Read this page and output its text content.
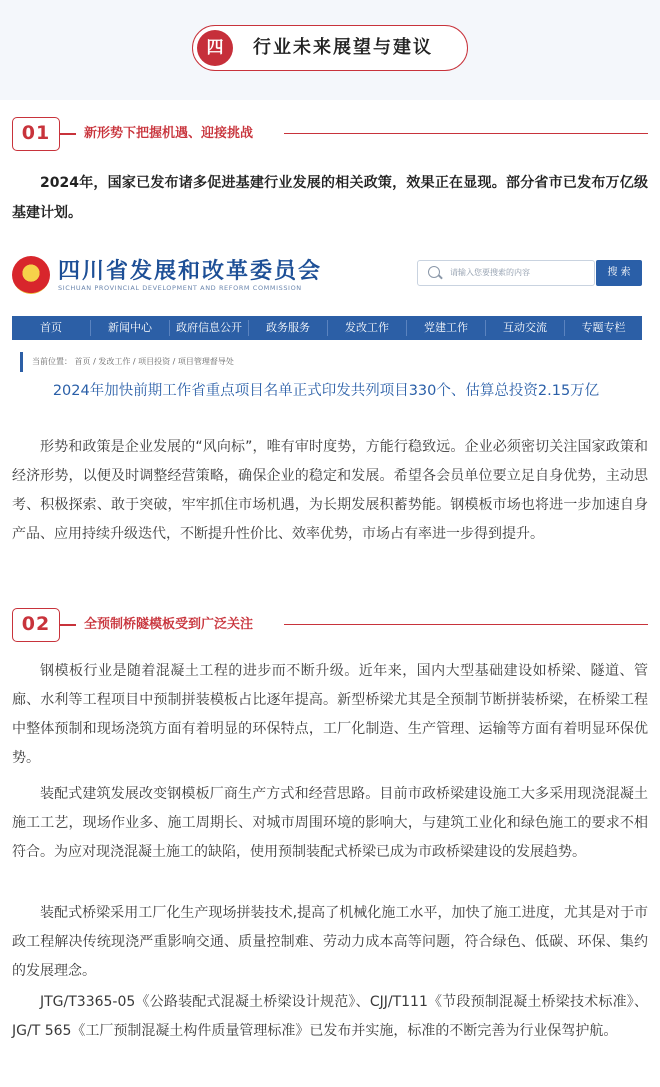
四	行业未来展望与建议
01	新形势下把握机遇、迎接挑战

2024年，国家已发布诸多促进基建行业发展的相关政策，效果正在显现。部分省市已发布万亿级基建计划。

四川省发展和改革委员会
SICHUAN PROVINCIAL DEVELOPMENT AND REFORM COMMISSION
请输入您要搜索的内容	搜 索
首页	新闻中心	政府信息公开	政务服务	发改工作	党建工作	互动交流	专题专栏
当前位置： 首页 / 发改工作 / 项目投资 / 项目管理督导处
2024年加快前期工作省重点项目名单正式印发共列项目330个、估算总投资2.15万亿

形势和政策是企业发展的“风向标”，唯有审时度势，方能行稳致远。企业必须密切关注国家政策和经济形势，以便及时调整经营策略，确保企业的稳定和发展。希望各会员单位要立足自身优势，主动思考、积极探索、敢于突破，牢牢抓住市场机遇，为长期发展积蓄势能。钢模板市场也将进一步加速自身产品、应用持续升级迭代，不断提升性价比、效率优势，市场占有率进一步得到提升。

02	全预制桥隧模板受到广泛关注

钢模板行业是随着混凝土工程的进步而不断升级。近年来，国内大型基础建设如桥梁、隧道、管廊、水利等工程项目中预制拼装模板占比逐年提高。新型桥梁尤其是全预制节断拼装桥梁，在桥梁工程中整体预制和现场浇筑方面有着明显的环保特点，工厂化制造、生产管理、运输等方面有着明显环保优势。

装配式建筑发展改变钢模板厂商生产方式和经营思路。目前市政桥梁建设施工大多采用现浇混凝土施工工艺，现场作业多、施工周期长、对城市周围环境的影响大，与建筑工业化和绿色施工的要求不相符合。为应对现浇混凝土施工的缺陷，使用预制装配式桥梁已成为市政桥梁建设的发展趋势。

装配式桥梁采用工厂化生产现场拼装技术,提高了机械化施工水平，加快了施工进度，尤其是对于市政工程解决传统现浇严重影响交通、质量控制难、劳动力成本高等问题，符合绿色、低碳、环保、集约的发展理念。

JTG/T3365-05《公路装配式混凝土桥梁设计规范》、CJJ/T111《节段预制混凝土桥梁技术标准》、JG/T 565《工厂预制混凝土构件质量管理标准》已发布并实施，标准的不断完善为行业保驾护航。
